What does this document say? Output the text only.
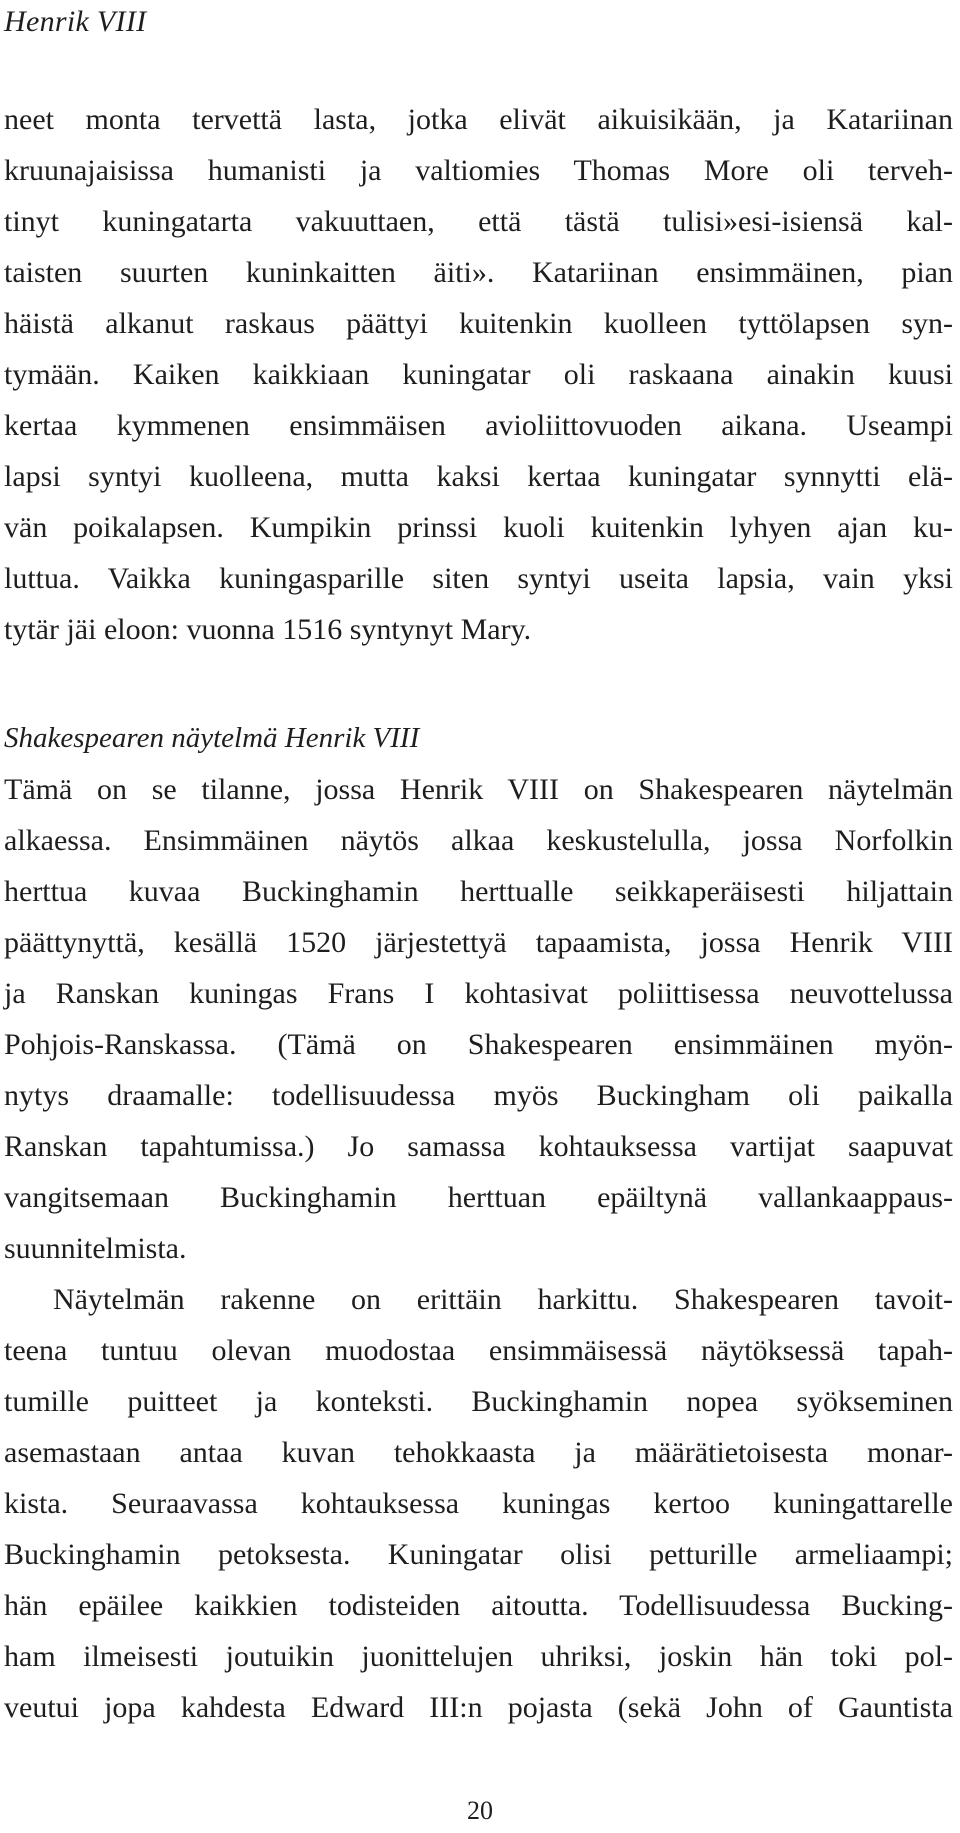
Henrik VIII
neet monta tervettä lasta, jotka elivät aikuisikään, ja Katariinan
kruunajaisissa humanisti ja valtiomies Thomas More oli terveh-
tinyt kuningatarta vakuuttaen, että tästä tulisi»esi-isiensä kal-
taisten suurten kuninkaitten äiti». Katariinan ensimmäinen, pian
häistä alkanut raskaus päättyi kuitenkin kuolleen tyttölapsen syn-
tymään. Kaiken kaikkiaan kuningatar oli raskaana ainakin kuusi
kertaa kymmenen ensimmäisen avioliittovuoden aikana. Useampi
lapsi syntyi kuolleena, mutta kaksi kertaa kuningatar synnytti elä-
vän poikalapsen. Kumpikin prinssi kuoli kuitenkin lyhyen ajan ku-
luttua. Vaikka kuningasparille siten syntyi useita lapsia, vain yksi
tytär jäi eloon: vuonna 1516 syntynyt Mary.
Shakespearen näytelmä Henrik VIII
Tämä on se tilanne, jossa Henrik VIII on Shakespearen näytelmän
alkaessa. Ensimmäinen näytös alkaa keskustelulla, jossa Norfolkin
herttua kuvaa Buckinghamin herttualle seikkaperäisesti hiljattain
päättynyttä, kesällä 1520 järjestettyä tapaamista, jossa Henrik VIII
ja Ranskan kuningas Frans I kohtasivat poliittisessa neuvottelussa
Pohjois-Ranskassa. (Tämä on Shakespearen ensimmäinen myön-
nytys draamalle: todellisuudessa myös Buckingham oli paikalla
Ranskan tapahtumissa.) Jo samassa kohtauksessa vartijat saapuvat
vangitsemaan Buckinghamin herttuan epäiltynä vallankaappaus-
suunnitelmista.
Näytelmän rakenne on erittäin harkittu. Shakespearen tavoit-
teena tuntuu olevan muodostaa ensimmäisessä näytöksessä tapah-
tumille puitteet ja konteksti. Buckinghamin nopea syökseminen
asemastaan antaa kuvan tehokkaasta ja määrätietoisesta monar-
kista. Seuraavassa kohtauksessa kuningas kertoo kuningattarelle
Buckinghamin petoksesta. Kuningatar olisi petturille armeliaampi;
hän epäilee kaikkien todisteiden aitoutta. Todellisuudessa Bucking-
ham ilmeisesti joutuikin juonittelujen uhriksi, joskin hän toki pol-
veutui jopa kahdesta Edward III:n pojasta (sekä John of Gauntista
20
